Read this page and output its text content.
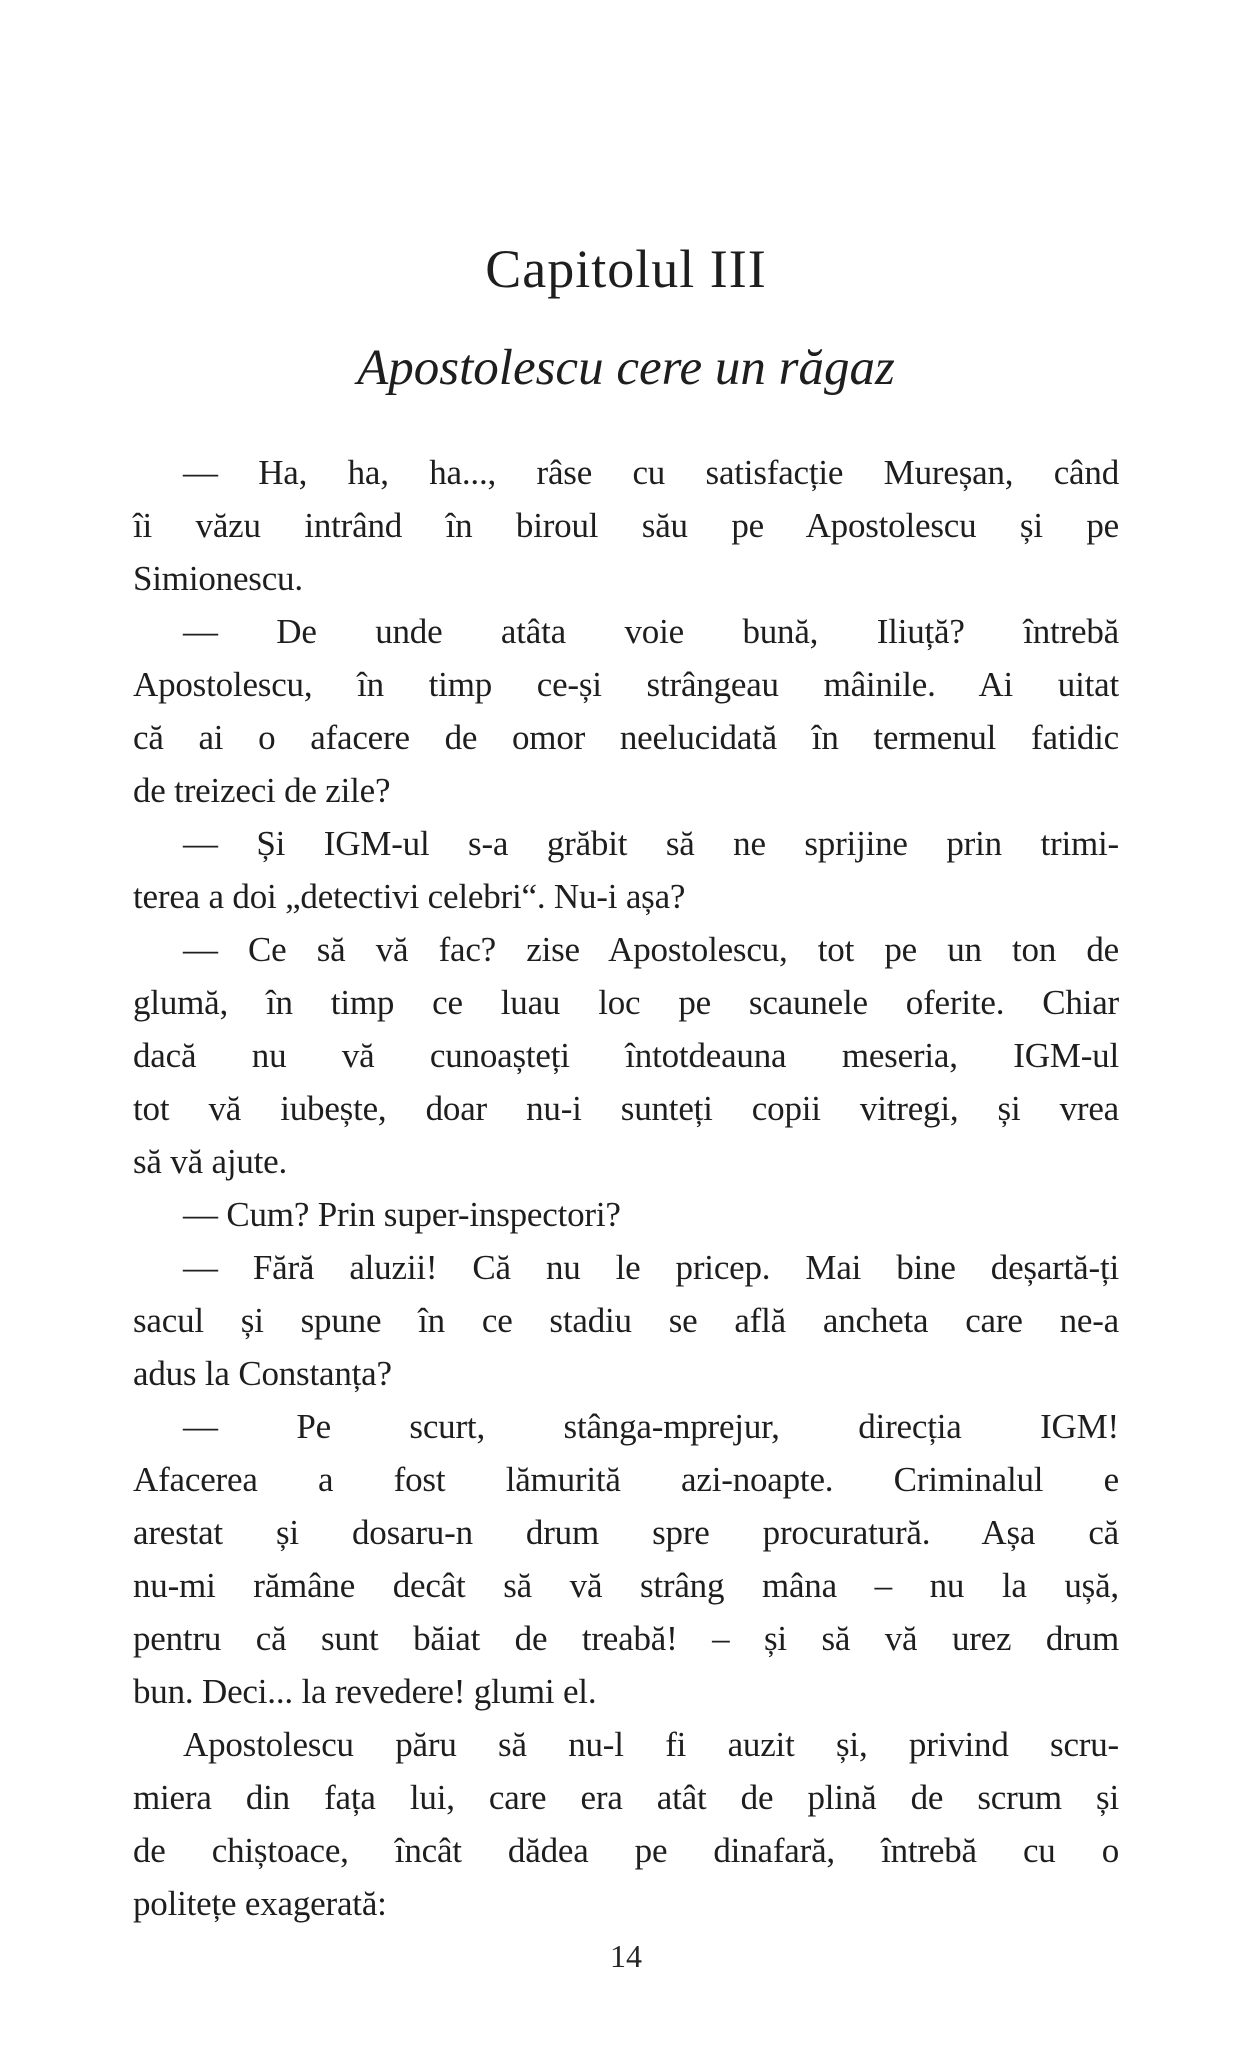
Capitolul III
Apostolescu cere un răgaz
— Ha, ha, ha..., râse cu satisfacție Mureșan, când
îi văzu intrând în biroul său pe Apostolescu și pe
Simionescu.
— De unde atâta voie bună, Iliuță? întrebă
Apostolescu, în timp ce-și strângeau mâinile. Ai uitat
că ai o afacere de omor neelucidată în termenul fatidic
de treizeci de zile?
— Și IGM-ul s-a grăbit să ne sprijine prin trimi-
terea a doi „detectivi celebri“. Nu-i așa?
— Ce să vă fac? zise Apostolescu, tot pe un ton de
glumă, în timp ce luau loc pe scaunele oferite. Chiar
dacă nu vă cunoașteți întotdeauna meseria, IGM-ul
tot vă iubește, doar nu-i sunteți copii vitregi, și vrea
să vă ajute.
— Cum? Prin super-inspectori?
— Fără aluzii! Că nu le pricep. Mai bine deșartă-ți
sacul și spune în ce stadiu se află ancheta care ne-a
adus la Constanța?
— Pe scurt, stânga-mprejur, direcția IGM!
Afacerea a fost lămurită azi-noapte. Criminalul e
arestat și dosaru-n drum spre procuratură. Așa că
nu-mi rămâne decât să vă strâng mâna – nu la ușă,
pentru că sunt băiat de treabă! – și să vă urez drum
bun. Deci... la revedere! glumi el.
Apostolescu păru să nu-l fi auzit și, privind scru-
miera din fața lui, care era atât de plină de scrum și
de chiștoace, încât dădea pe dinafară, întrebă cu o
politețe exagerată:
14
